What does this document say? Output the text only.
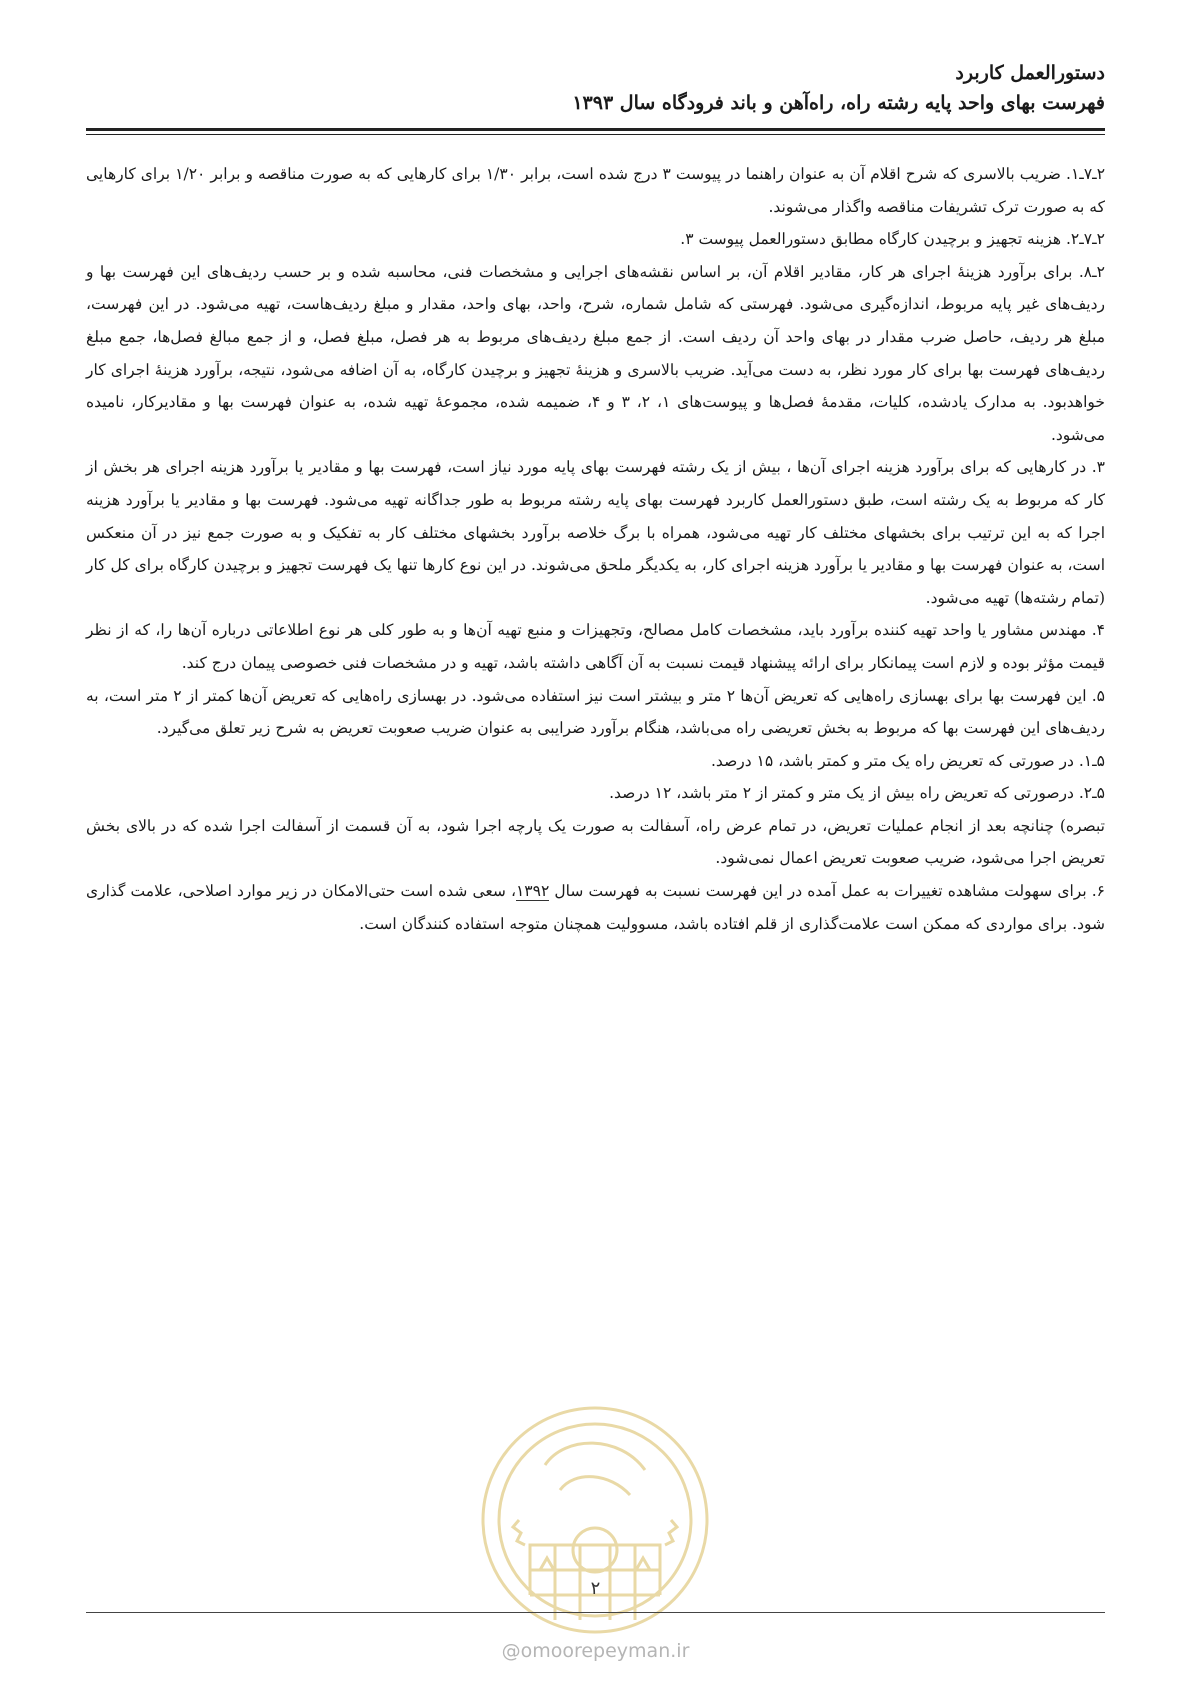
دستورالعمل کاربرد
فهرست بهای واحد پایه رشته راه، راه‌آهن و باند فرودگاه سال ۱۳۹۳

۲ـ۷ـ۱. ضریب بالاسری که شرح اقلام آن به عنوان راهنما در پیوست ۳ درج شده است، برابر ۱/۳۰ برای کارهایی که به صورت مناقصه و برابر ۱/۲۰ برای کارهایی که به صورت ترک تشریفات مناقصه واگذار می‌شوند.

۲ـ۷ـ۲. هزینه تجهیز و برچیدن کارگاه مطابق دستورالعمل پیوست ۳.

۲ـ۸. برای برآورد هزینهٔ اجرای هر کار، مقادیر اقلام آن، بر اساس نقشه‌های اجرایی و مشخصات فنی، محاسبه شده و بر حسب ردیف‌های این فهرست بها و ردیف‌های غیر پایه مربوط، اندازه‌گیری می‌شود. فهرستی که شامل شماره، شرح، واحد، بهای واحد، مقدار و مبلغ ردیف‌هاست، تهیه می‌شود. در این فهرست، مبلغ هر ردیف، حاصل ضرب مقدار در بهای واحد آن ردیف است. از جمع مبلغ ردیف‌های مربوط به هر فصل، مبلغ فصل، و از جمع مبالغ فصل‌ها، جمع مبلغ ردیف‌های فهرست بها برای کار مورد نظر، به دست می‌آید. ضریب بالاسری و هزینهٔ تجهیز و برچیدن کارگاه، به آن اضافه می‌شود، نتیجه، برآورد هزینهٔ اجرای کار خواهدبود. به مدارک یادشده، کلیات، مقدمهٔ فصل‌ها و پیوست‌های ۱، ۲، ۳ و ۴، ضمیمه شده، مجموعهٔ تهیه شده، به عنوان فهرست بها و مقادیرکار، نامیده می‌شود.

۳. در کارهایی که برای برآورد هزینه اجرای آن‌ها ، بیش از یک رشته فهرست بهای پایه مورد نیاز است، فهرست بها و مقادیر یا برآورد هزینه اجرای هر بخش از کار که مربوط به یک رشته است، طبق دستورالعمل کاربرد فهرست بهای پایه رشته مربوط به طور جداگانه تهیه می‌شود. فهرست بها و مقادیر یا برآورد هزینه اجرا که به این ترتیب برای بخشهای مختلف کار تهیه می‌شود، همراه با برگ خلاصه برآورد بخشهای مختلف کار به تفکیک و به صورت جمع نیز در آن منعکس است، به عنوان فهرست بها و مقادیر یا برآورد هزینه اجرای کار، به یکدیگر ملحق می‌شوند. در این نوع کارها تنها یک فهرست تجهیز و برچیدن کارگاه برای کل کار (تمام رشته‌ها) تهیه می‌شود.

۴. مهندس مشاور یا واحد تهیه کننده برآورد باید، مشخصات کامل مصالح، وتجهیزات و منبع تهیه آن‌ها و به طور کلی هر نوع اطلاعاتی درباره آن‌ها را، که از نظر قیمت مؤثر بوده و لازم است پیمانکار برای ارائه پیشنهاد قیمت نسبت به آن آگاهی داشته باشد، تهیه و در مشخصات فنی خصوصی پیمان درج کند.

۵. این فهرست بها برای بهسازی راه‌هایی که تعریض آن‌ها ۲ متر و بیشتر است نیز استفاده می‌شود. در بهسازی راه‌هایی که تعریض آن‌ها کمتر از ۲ متر است، به ردیف‌های این فهرست بها که مربوط به بخش تعریضی راه می‌باشد، هنگام برآورد ضرایبی به عنوان ضریب صعوبت تعریض به شرح زیر تعلق می‌گیرد.

۵ـ۱. در صورتی که تعریض راه یک متر و کمتر باشد، ۱۵ درصد.

۵ـ۲. درصورتی که تعریض راه بیش از یک متر و کمتر از ۲ متر باشد، ۱۲ درصد.

تبصره) چنانچه بعد از انجام عملیات تعریض، در تمام عرض راه، آسفالت به صورت یک پارچه اجرا شود، به آن قسمت از آسفالت اجرا شده که در بالای بخش تعریض اجرا می‌شود، ضریب صعوبت تعریض اعمال نمی‌شود.

۶. برای سهولت مشاهده تغییرات به عمل آمده در این فهرست نسبت به فهرست سال ۱۳۹۲، سعی شده است حتی‌الامکان در زیر موارد اصلاحی، علامت گذاری شود. برای مواردی که ممکن است علامت‌گذاری از قلم افتاده باشد، مسوولیت همچنان متوجه استفاده کنندگان است.

۲
@omoorepeyman.ir
